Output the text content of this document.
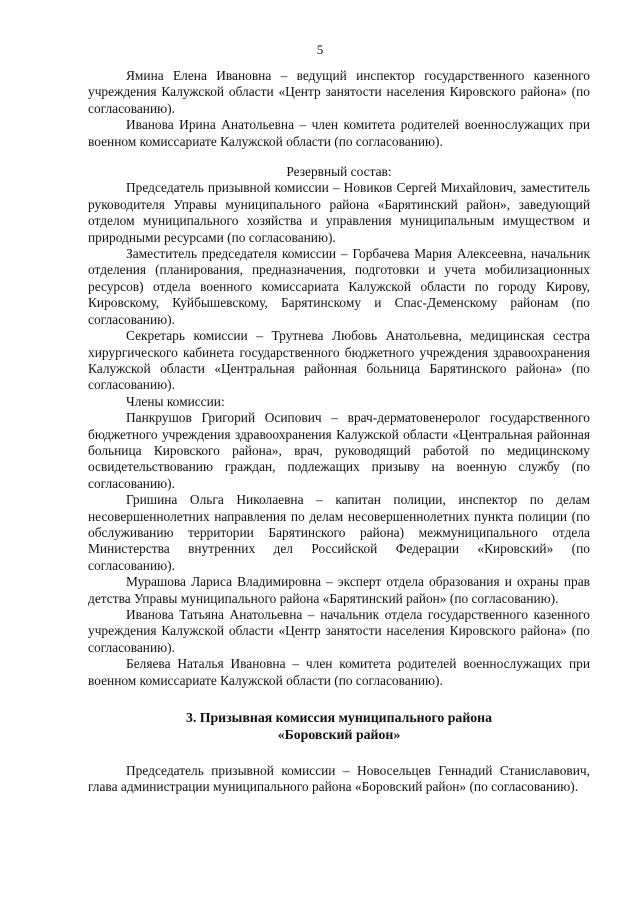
5

Ямина Елена Ивановна – ведущий инспектор государственного казенного учреждения Калужской области «Центр занятости населения Кировского района» (по согласованию).

Иванова Ирина Анатольевна – член комитета родителей военнослужащих при военном комиссариате Калужской области (по согласованию).

Резервный состав:

Председатель призывной комиссии – Новиков Сергей Михайлович, заместитель руководителя Управы муниципального района «Барятинский район», заведующий отделом муниципального хозяйства и управления муниципальным имуществом и природными ресурсами (по согласованию).

Заместитель председателя комиссии – Горбачева Мария Алексеевна, начальник отделения (планирования, предназначения, подготовки и учета мобилизационных ресурсов) отдела военного комиссариата Калужской области по городу Кирову, Кировскому, Куйбышевскому, Барятинскому и Спас-Деменскому районам (по согласованию).

Секретарь комиссии – Трутнева Любовь Анатольевна, медицинская сестра хирургического кабинета государственного бюджетного учреждения здравоохранения Калужской области «Центральная районная больница Барятинского района» (по согласованию).

Члены комиссии:

Панкрушов Григорий Осипович – врач-дерматовенеролог государственного бюджетного учреждения здравоохранения Калужской области «Центральная районная больница Кировского района», врач, руководящий работой по медицинскому освидетельствованию граждан, подлежащих призыву на военную службу (по согласованию).

Гришина Ольга Николаевна – капитан полиции, инспектор по делам несовершеннолетних направления по делам несовершеннолетних пункта полиции (по обслуживанию территории Барятинского района) межмуниципального отдела Министерства внутренних дел Российской Федерации «Кировский» (по согласованию).

Мурашова Лариса Владимировна – эксперт отдела образования и охраны прав детства Управы муниципального района «Барятинский район» (по согласованию).

Иванова Татьяна Анатольевна – начальник отдела государственного казенного учреждения Калужской области «Центр занятости населения Кировского района» (по согласованию).

Беляева Наталья Ивановна – член комитета родителей военнослужащих при военном комиссариате Калужской области (по согласованию).

3. Призывная комиссия муниципального района
«Боровский район»

Председатель призывной комиссии – Новосельцев Геннадий Станиславович, глава администрации муниципального района «Боровский район» (по согласованию).
